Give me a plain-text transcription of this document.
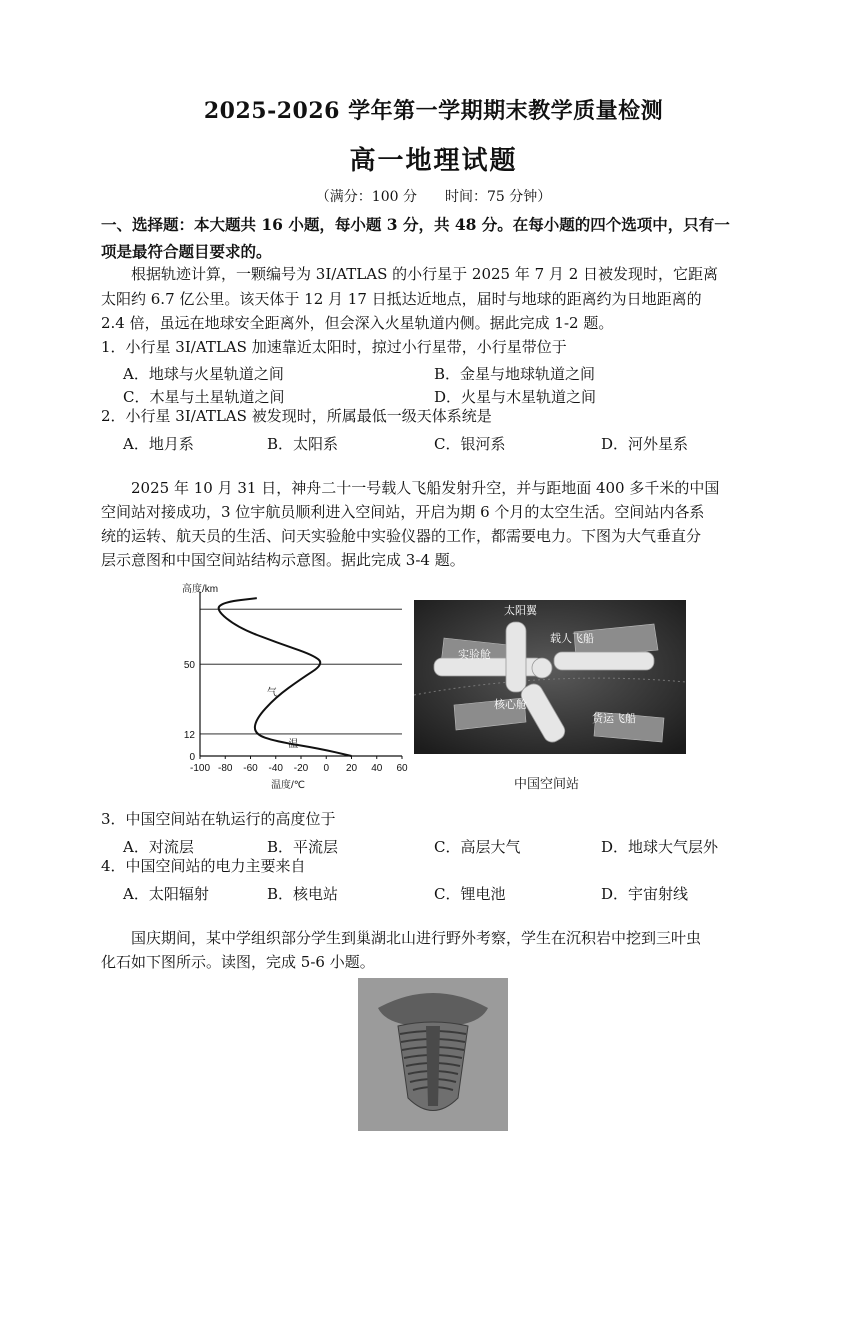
2025-2026 学年第一学期期末教学质量检测
高一地理试题
（满分：100 分　　时间：75 分钟）
一、选择题：本大题共 16 小题，每小题 3 分，共 48 分。在每小题的四个选项中，只有一
项是最符合题目要求的。
根据轨迹计算，一颗编号为 3I/ATLAS 的小行星于 2025 年 7 月 2 日被发现时，它距离
太阳约 6.7 亿公里。该天体于 12 月 17 日抵达近地点，届时与地球的距离约为日地距离的
2.4 倍，虽远在地球安全距离外，但会深入火星轨道内侧。据此完成 1-2 题。
1．小行星 3I/ATLAS 加速靠近太阳时，掠过小行星带，小行星带位于
A．地球与火星轨道之间	B．金星与地球轨道之间
C．木星与土星轨道之间	D．火星与木星轨道之间
2．小行星 3I/ATLAS 被发现时，所属最低一级天体系统是
A．地月系	B．太阳系	C．银河系	D．河外星系
2025 年 10 月 31 日，神舟二十一号载人飞船发射升空，并与距地面 400 多千米的中国
空间站对接成功，3 位宇航员顺利进入空间站，开启为期 6 个月的太空生活。空间站内各系
统的运转、航天员的生活、问天实验舱中实验仪器的工作，都需要电力。下图为大气垂直分
层示意图和中国空间站结构示意图。据此完成 3-4 题。
-100 -80 -60 -40 -20 0 20 40 60
0
12
50
高度/km
温度/℃
气
温
太阳翼
载人飞船
实验舱
核心舱
货运飞船
中国空间站
3．中国空间站在轨运行的高度位于
A．对流层	B．平流层	C．高层大气	D．地球大气层外
4．中国空间站的电力主要来自
A．太阳辐射	B．核电站	C．锂电池	D．宇宙射线
国庆期间，某中学组织部分学生到巢湖北山进行野外考察，学生在沉积岩中挖到三叶虫
化石如下图所示。读图，完成 5-6 小题。
